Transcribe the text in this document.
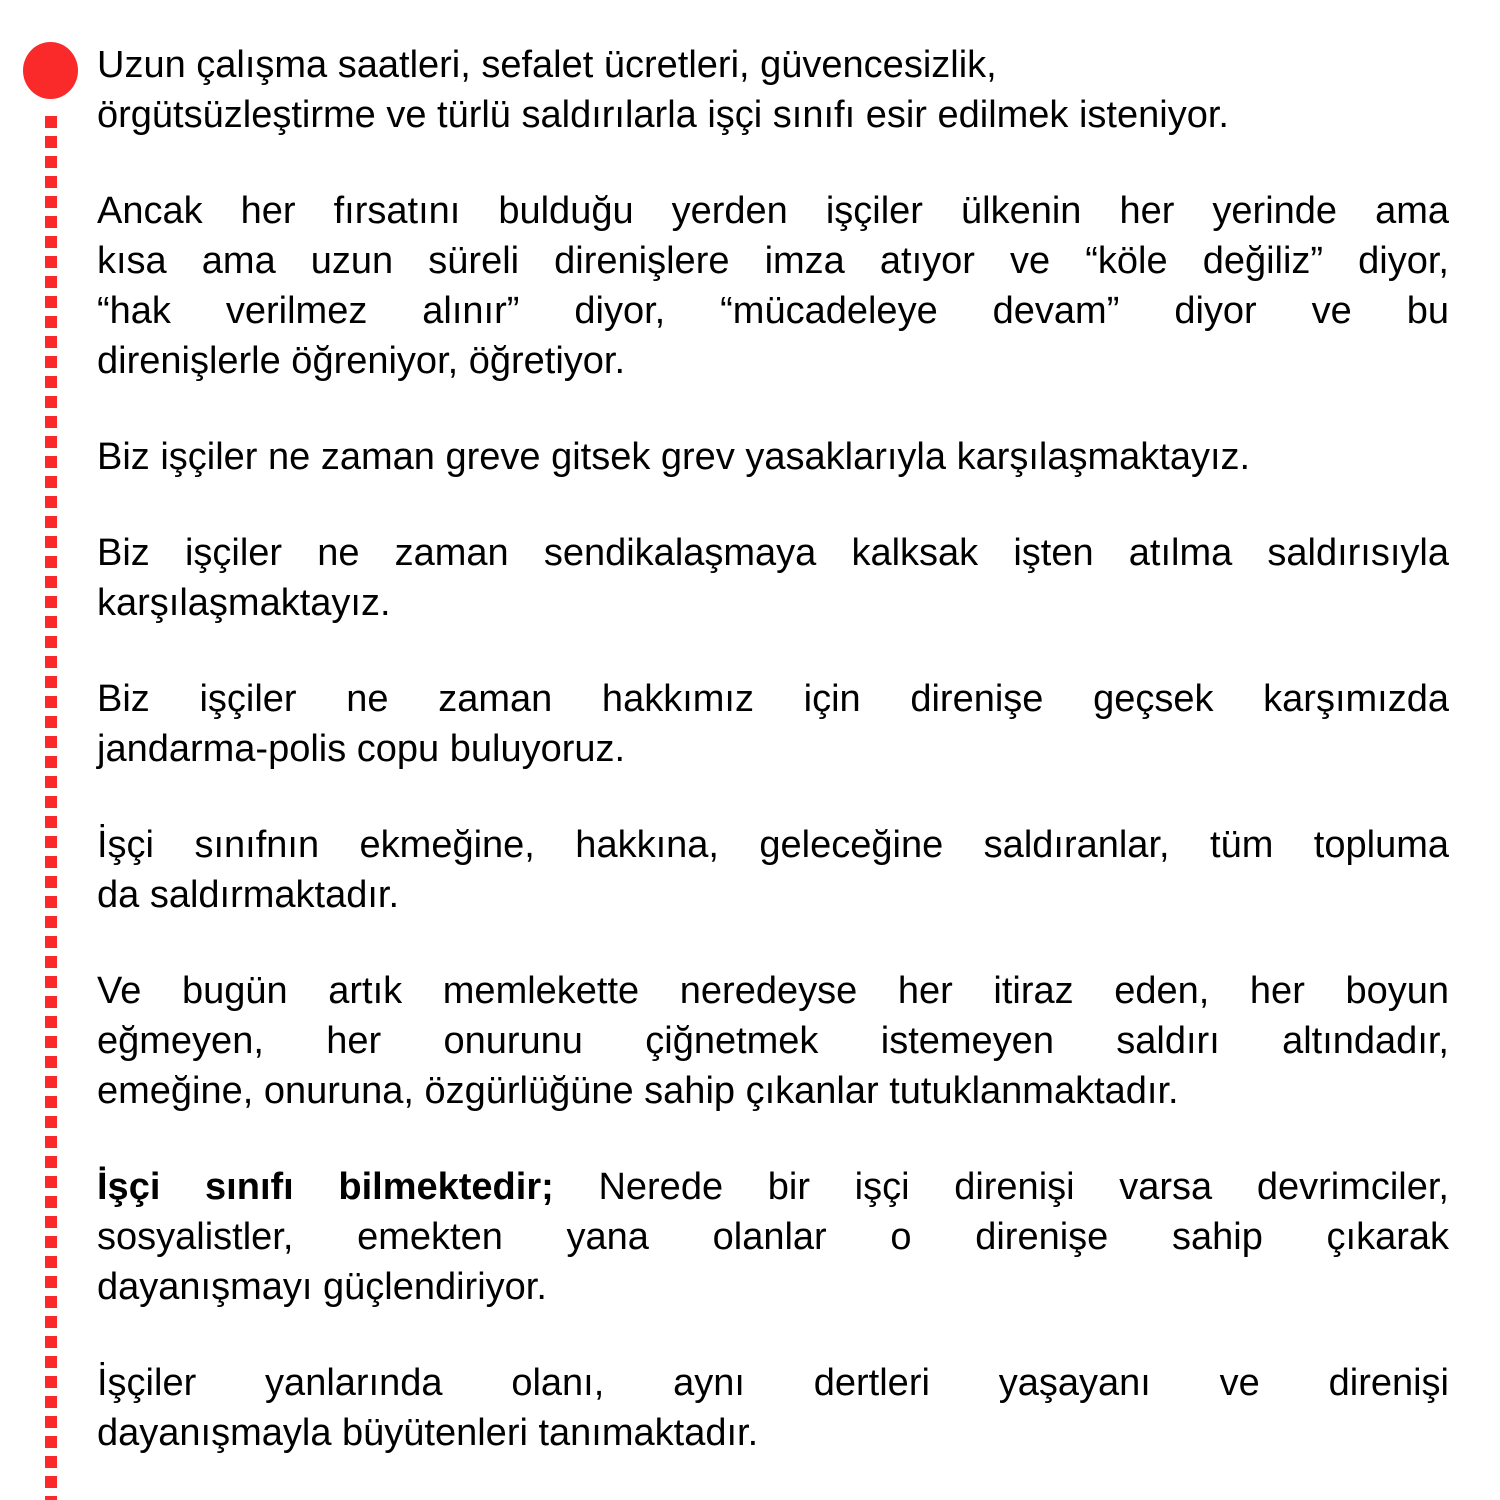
Uzun çalışma saatleri, sefalet ücretleri, güvencesizlik,
örgütsüzleştirme ve türlü saldırılarla işçi sınıfı esir edilmek isteniyor.
Ancak her fırsatını bulduğu yerden işçiler ülkenin her yerinde ama
kısa ama uzun süreli direnişlere imza atıyor ve “köle değiliz” diyor,
“hak verilmez alınır” diyor, “mücadeleye devam” diyor ve bu
direnişlerle öğreniyor, öğretiyor.
Biz işçiler ne zaman greve gitsek grev yasaklarıyla karşılaşmaktayız.
Biz işçiler ne zaman sendikalaşmaya kalksak işten atılma saldırısıyla
karşılaşmaktayız.
Biz işçiler ne zaman hakkımız için direnişe geçsek karşımızda
jandarma-polis copu buluyoruz.
İşçi sınıfnın ekmeğine, hakkına, geleceğine saldıranlar, tüm topluma
da saldırmaktadır.
Ve bugün artık memlekette neredeyse her itiraz eden, her boyun
eğmeyen, her onurunu çiğnetmek istemeyen saldırı altındadır,
emeğine, onuruna, özgürlüğüne sahip çıkanlar tutuklanmaktadır.
İşçi sınıfı bilmektedir; Nerede bir işçi direnişi varsa devrimciler,
sosyalistler, emekten yana olanlar o direnişe sahip çıkarak
dayanışmayı güçlendiriyor.
İşçiler yanlarında olanı, aynı dertleri yaşayanı ve direnişi
dayanışmayla büyütenleri tanımaktadır.
